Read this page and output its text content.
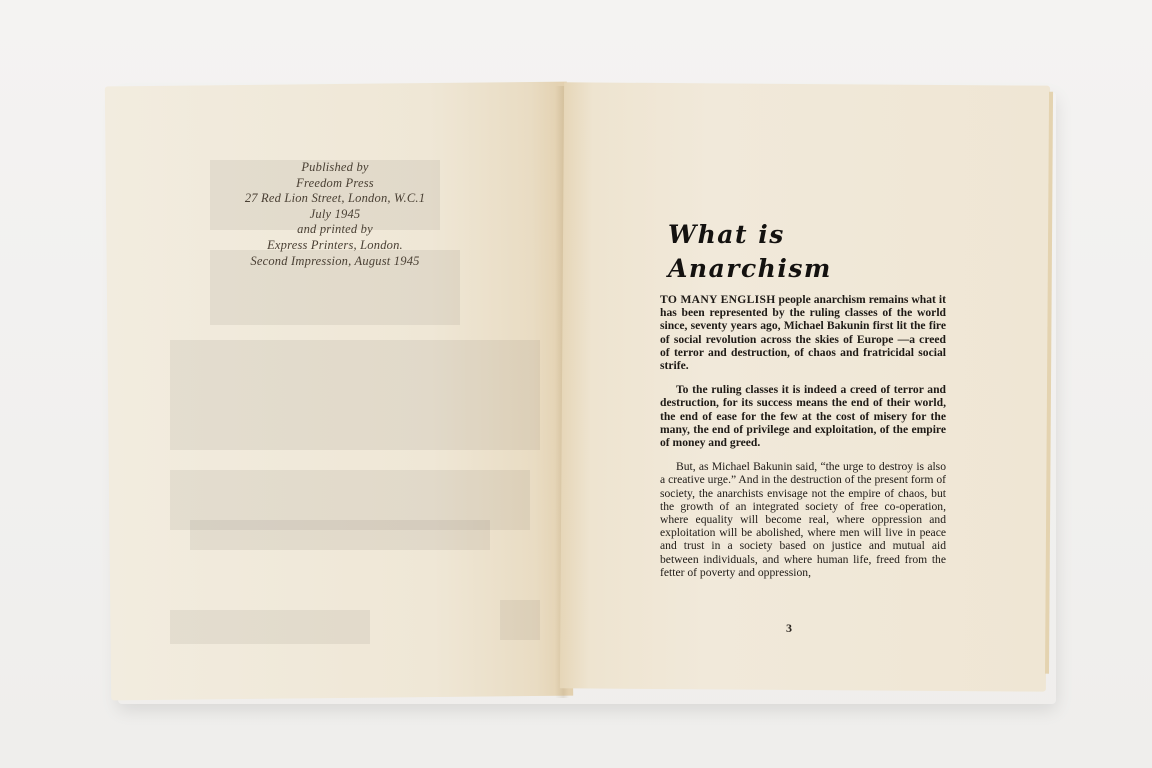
Published by
Freedom Press
27 Red Lion Street, London, W.C.1
July 1945
and printed by
Express Printers, London.
Second Impression, August 1945
What is
Anarchism

TO MANY ENGLISH people anarchism remains what it has been represented by the ruling classes of the world since, seventy years ago, Michael Bakunin first lit the fire of social revolution across the skies of Europe —a creed of terror and destruction, of chaos and fratricidal social strife.

To the ruling classes it is indeed a creed of terror and destruction, for its success means the end of their world, the end of ease for the few at the cost of misery for the many, the end of privilege and exploitation, of the empire of money and greed.

But, as Michael Bakunin said, “the urge to destroy is also a creative urge.” And in the destruction of the present form of society, the anarchists envisage not the empire of chaos, but the growth of an integrated society of free co-operation, where equality will become real, where oppression and exploitation will be abolished, where men will live in peace and trust in a society based on justice and mutual aid between individuals, and where human life, freed from the fetter of poverty and oppression,

3
